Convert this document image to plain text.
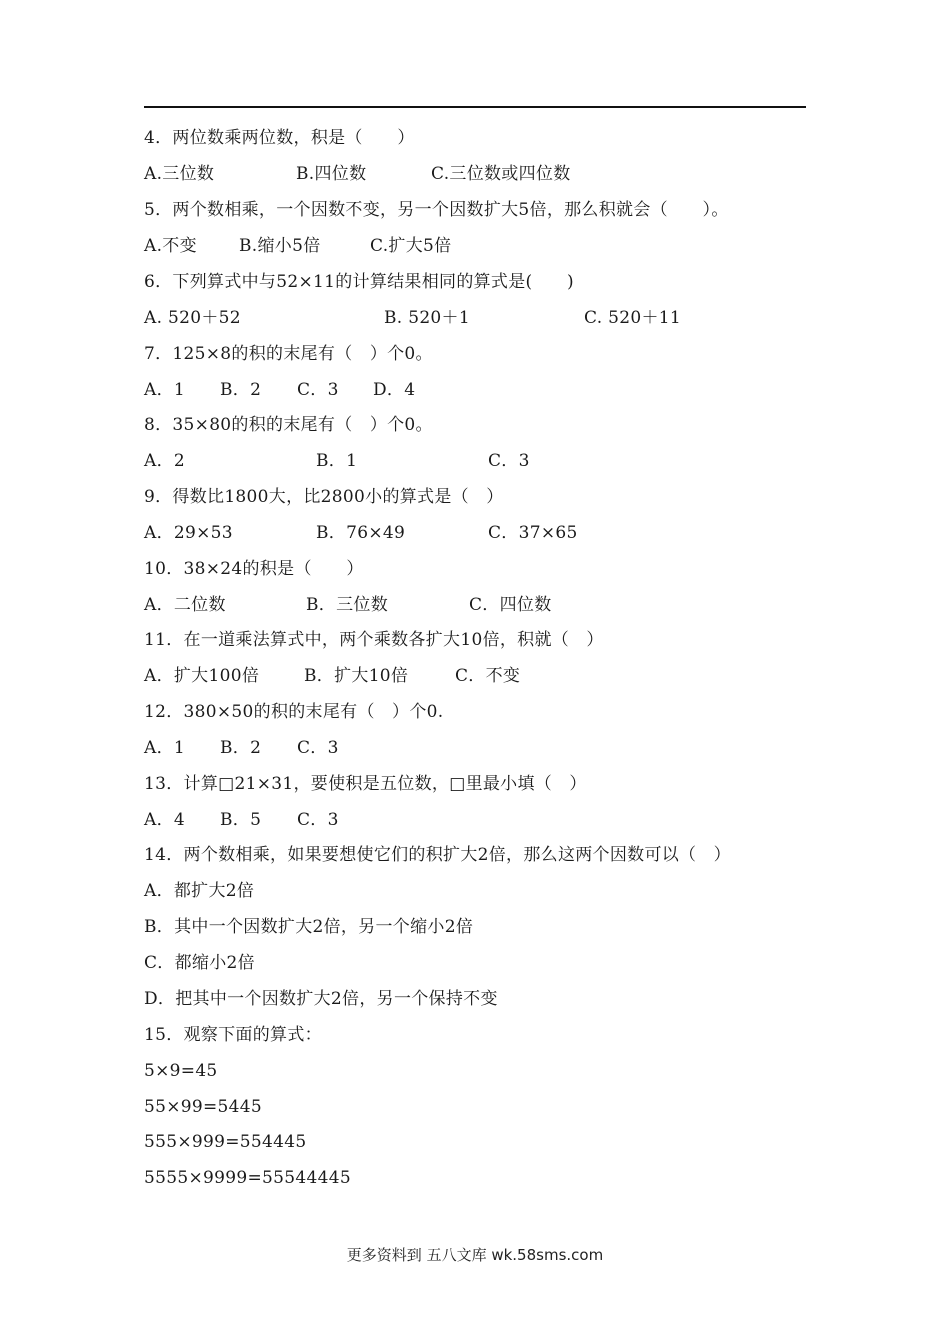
4．两位数乘两位数，积是（　　）

A.三位数

	B.四位数

	C.三位数或四位数

5．两个数相乘，一个因数不变，另一个因数扩大5倍，那么积就会（　　）。

A.不变

B.缩小5倍

	C.扩大5倍

6．下列算式中与52×11的计算结果相同的算式是(　　)

A. 520＋52

	B. 520＋1

	C. 520＋11

7．125×8的积的末尾有（　）个0。

A．1

B．2

C．3

D．4

8．35×80的积的末尾有（　）个0。

A．2

	B．1

	C．3

9．得数比1800大，比2800小的算式是（　）

A．29×53

	B．76×49

	C．37×65

10．38×24的积是（　　）

A．二位数

	B．三位数

	C．四位数

11．在一道乘法算式中，两个乘数各扩大10倍，积就（　）

A．扩大100倍

	B．扩大10倍

	C．不变

12．380×50的积的末尾有（　）个0.

A．1

B．2

C．3

13．计算□21×31，要使积是五位数，□里最小填（　）

A．4

B．5

C．3

14．两个数相乘，如果要想使它们的积扩大2倍，那么这两个因数可以（　）
A．都扩大2倍
B．其中一个因数扩大2倍，另一个缩小2倍
C．都缩小2倍
D．把其中一个因数扩大2倍，另一个保持不变
15．观察下面的算式：
5×9=45
55×99=5445
555×999=554445
5555×9999=55544445
更多资料到 五八文库 wk.58sms.com
